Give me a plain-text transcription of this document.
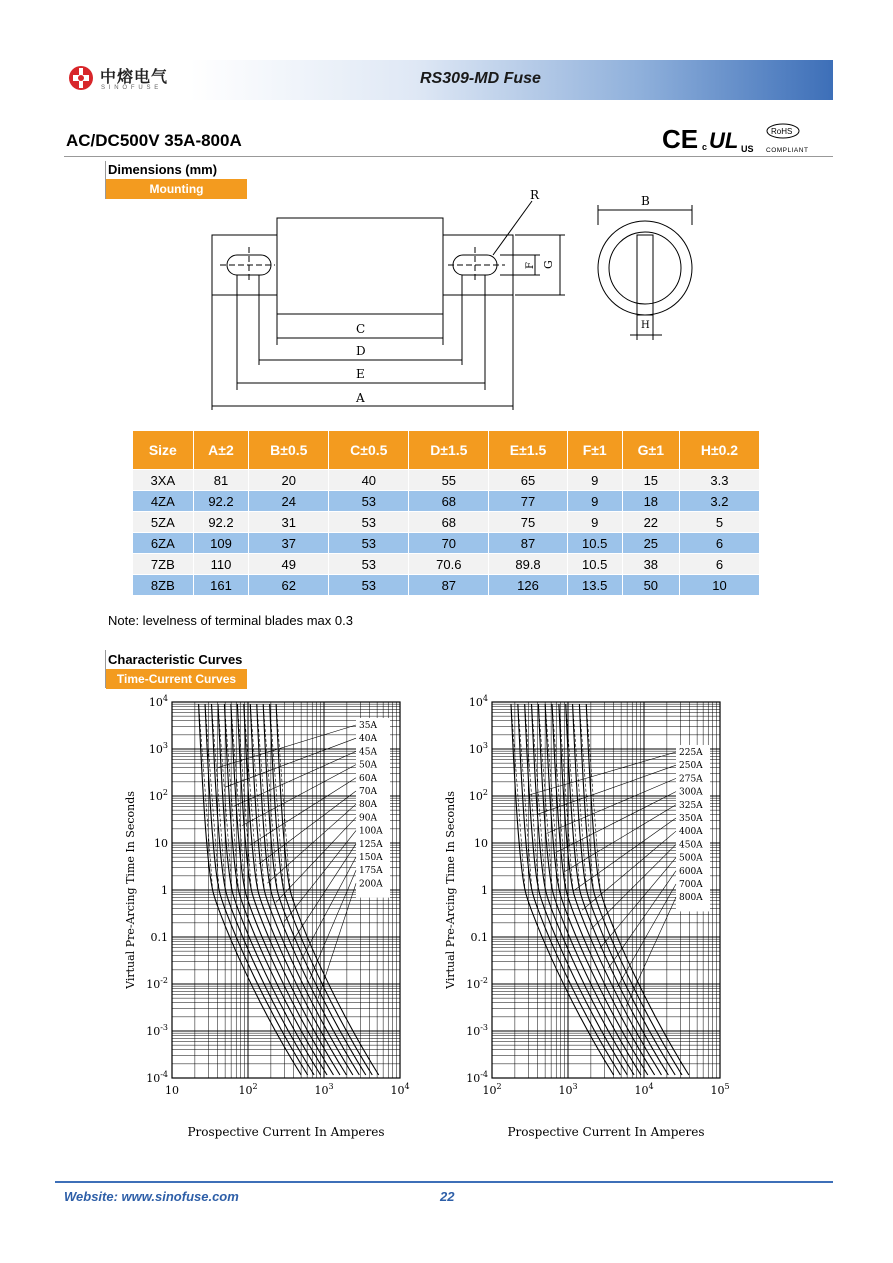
RS309-MD Fuse
中熔电气
SINOFUSE
AC/DC500V 35A-800A	CE c UL US
RoHS
COMPLIANT
Dimensions (mm)
Mounting	R
F G
C
D
E
A
B
H
Size	A±2	B±0.5	C±0.5	D±1.5	E±1.5	F±1	G±1	H±0.2
3XA	81	20	40	55	65	9	15	3.3
4ZA	92.2	24	53	68	77	9	18	3.2
5ZA	92.2	31	53	68	75	9	22	5
6ZA	109	37	53	70	87	10.5	25	6
7ZB	110	49	53	70.6	89.8	10.5	38	6
8ZB	161	62	53	87	126	13.5	50	10
Note: levelness of terminal blades max 0.3
Characteristic Curves
Time-Current Curves
$10^4$
$10^3$
$10^2$
10
1
0.1
$10^{-2}$
$10^{-3}$
$10^{-4}$
10	$10^2$	$10^3$	$10^4$
35A
40A
45A
50A
60A
70A
80A
90A
100A
125A
150A
175A
200A
Virtual Pre-Arcing Time In Seconds
Prospective Current In Amperes
$10^4$
$10^3$
$10^2$
10
1
0.1
$10^{-2}$
$10^{-3}$
$10^{-4}$
$10^2$	$10^3$	$10^4$	$10^5$
225A
250A
275A
300A
325A
350A
400A
450A
500A
600A
700A
800A
Virtual Pre-Arcing Time In Seconds
Prospective Current In Amperes
Website: www.sinofuse.com	22
